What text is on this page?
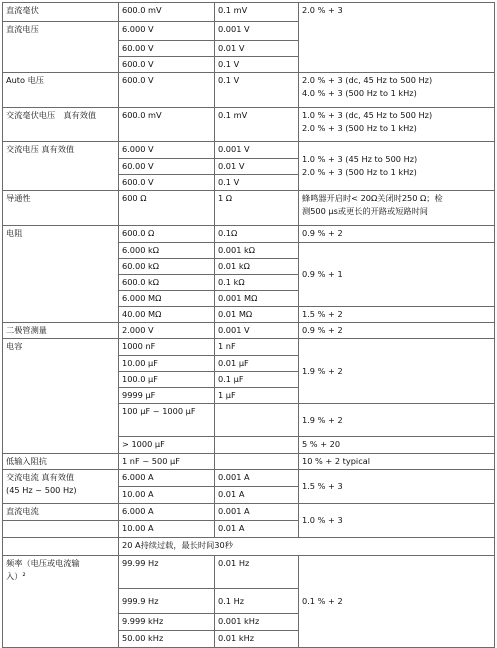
直流毫伏	600.0 mV	0.1 mV	2.0 % + 3
直流电压	6.000 V	0.001 V	
	60.00 V	0.01 V	
	600.0 V	0.1 V	
Auto 电压	600.0 V	0.1 V	2.0 % + 3 (dc, 45 Hz to 500 Hz)
4.0 % + 3 (500 Hz to 1 kHz)

交流毫伏电压　真有效值	600.0 mV	0.1 mV	1.0 % + 3 (dc, 45 Hz to 500 Hz)
2.0 % + 3 (500 Hz to 1 kHz)

交流电压 真有效值	6.000 V	0.001 V	1.0 % + 3 (45 Hz to 500 Hz)
2.0 % + 3 (500 Hz to 1 kHz)

	60.00 V	0.01 V	
	600.0 V	0.1 V	
导通性	600 Ω	1 Ω	蜂鸣器开启时< 20Ω关闭时250 Ω；检
测500 μs或更长的开路或短路时间

电阻	600.0 Ω	0.1Ω	0.9 % + 2
	6.000 kΩ	0.001 kΩ	0.9 % + 1
	60.00 kΩ	0.01 kΩ	
	600.0 kΩ	0.1 kΩ	
	6.000 MΩ	0.001 MΩ	
	40.00 MΩ	0.01 MΩ	1.5 % + 2
二极管测量	2.000 V	0.001 V	0.9 % + 2
电容	1000 nF	1 nF	1.9 % + 2
	10.00 μF	0.01 μF	
	100.0 μF	0.1 μF	
	9999 μF	1 μF	
	100 μF ~ 1000 μF		1.9 % + 2
	> 1000 μF		5 % + 20
低输入阻抗	1 nF ~ 500 μF		10 % + 2 typical

交流电流 真有效值
(45 Hz ~ 500 Hz)	6.000 A	0.001 A	1.5 % + 3
	10.00 A	0.01 A	
直流电流	6.000 A	0.001 A	1.0 % + 3
	10.00 A	0.01 A	
	20 A持续过载，最长时间30秒		

频率（电压或电流输
入）²	99.99 Hz	0.01 Hz	0.1 % + 2
	999.9 Hz	0.1 Hz	
	9.999 kHz	0.001 kHz	
	50.00 kHz	0.01 kHz	
